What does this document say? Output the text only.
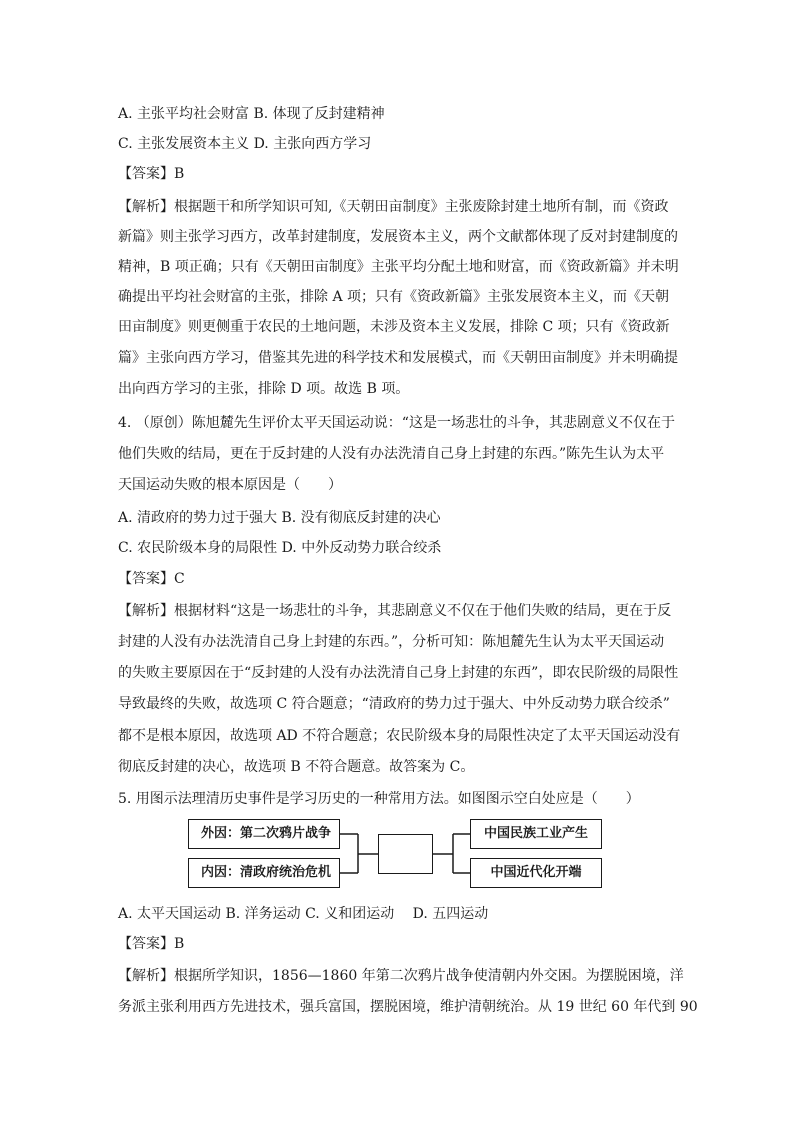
A. 主张平均社会财富 B. 体现了反封建精神
C. 主张发展资本主义 D. 主张向西方学习
【答案】B
【解析】根据题干和所学知识可知,《天朝田亩制度》主张废除封建土地所有制，而《资政
新篇》则主张学习西方，改革封建制度，发展资本主义，两个文献都体现了反对封建制度的
精神，B 项正确；只有《天朝田亩制度》主张平均分配土地和财富，而《资政新篇》并未明
确提出平均社会财富的主张，排除 A 项；只有《资政新篇》主张发展资本主义，而《天朝
田亩制度》则更侧重于农民的土地问题，未涉及资本主义发展，排除 C 项；只有《资政新
篇》主张向西方学习，借鉴其先进的科学技术和发展模式，而《天朝田亩制度》并未明确提
出向西方学习的主张，排除 D 项。故选 B 项。
4. （原创）陈旭麓先生评价太平天国运动说：“这是一场悲壮的斗争，其悲剧意义不仅在于
他们失败的结局，更在于反封建的人没有办法洗清自己身上封建的东西。”陈先生认为太平
天国运动失败的根本原因是（　　）
A. 清政府的势力过于强大 B. 没有彻底反封建的决心
C. 农民阶级本身的局限性 D. 中外反动势力联合绞杀
【答案】C
【解析】根据材料“这是一场悲壮的斗争，其悲剧意义不仅在于他们失败的结局，更在于反
封建的人没有办法洗清自己身上封建的东西。”，分析可知：陈旭麓先生认为太平天国运动
的失败主要原因在于“反封建的人没有办法洗清自己身上封建的东西”，即农民阶级的局限性
导致最终的失败，故选项 C 符合题意；“清政府的势力过于强大、中外反动势力联合绞杀”
都不是根本原因，故选项 AD 不符合题意；农民阶级本身的局限性决定了太平天国运动没有
彻底反封建的决心，故选项 B 不符合题意。故答案为 C。
5. 用图示法理清历史事件是学习历史的一种常用方法。如图图示空白处应是（　　）
外因：第二次鸦片战争
内因：清政府统治危机
中国民族工业产生
中国近代化开端
A. 太平天国运动 B. 洋务运动 C. 义和团运动　 D. 五四运动
【答案】B
【解析】根据所学知识，1856—1860 年第二次鸦片战争使清朝内外交困。为摆脱困境，洋
务派主张利用西方先进技术，强兵富国，摆脱困境，维护清朝统治。从 19 世纪 60 年代到 90
